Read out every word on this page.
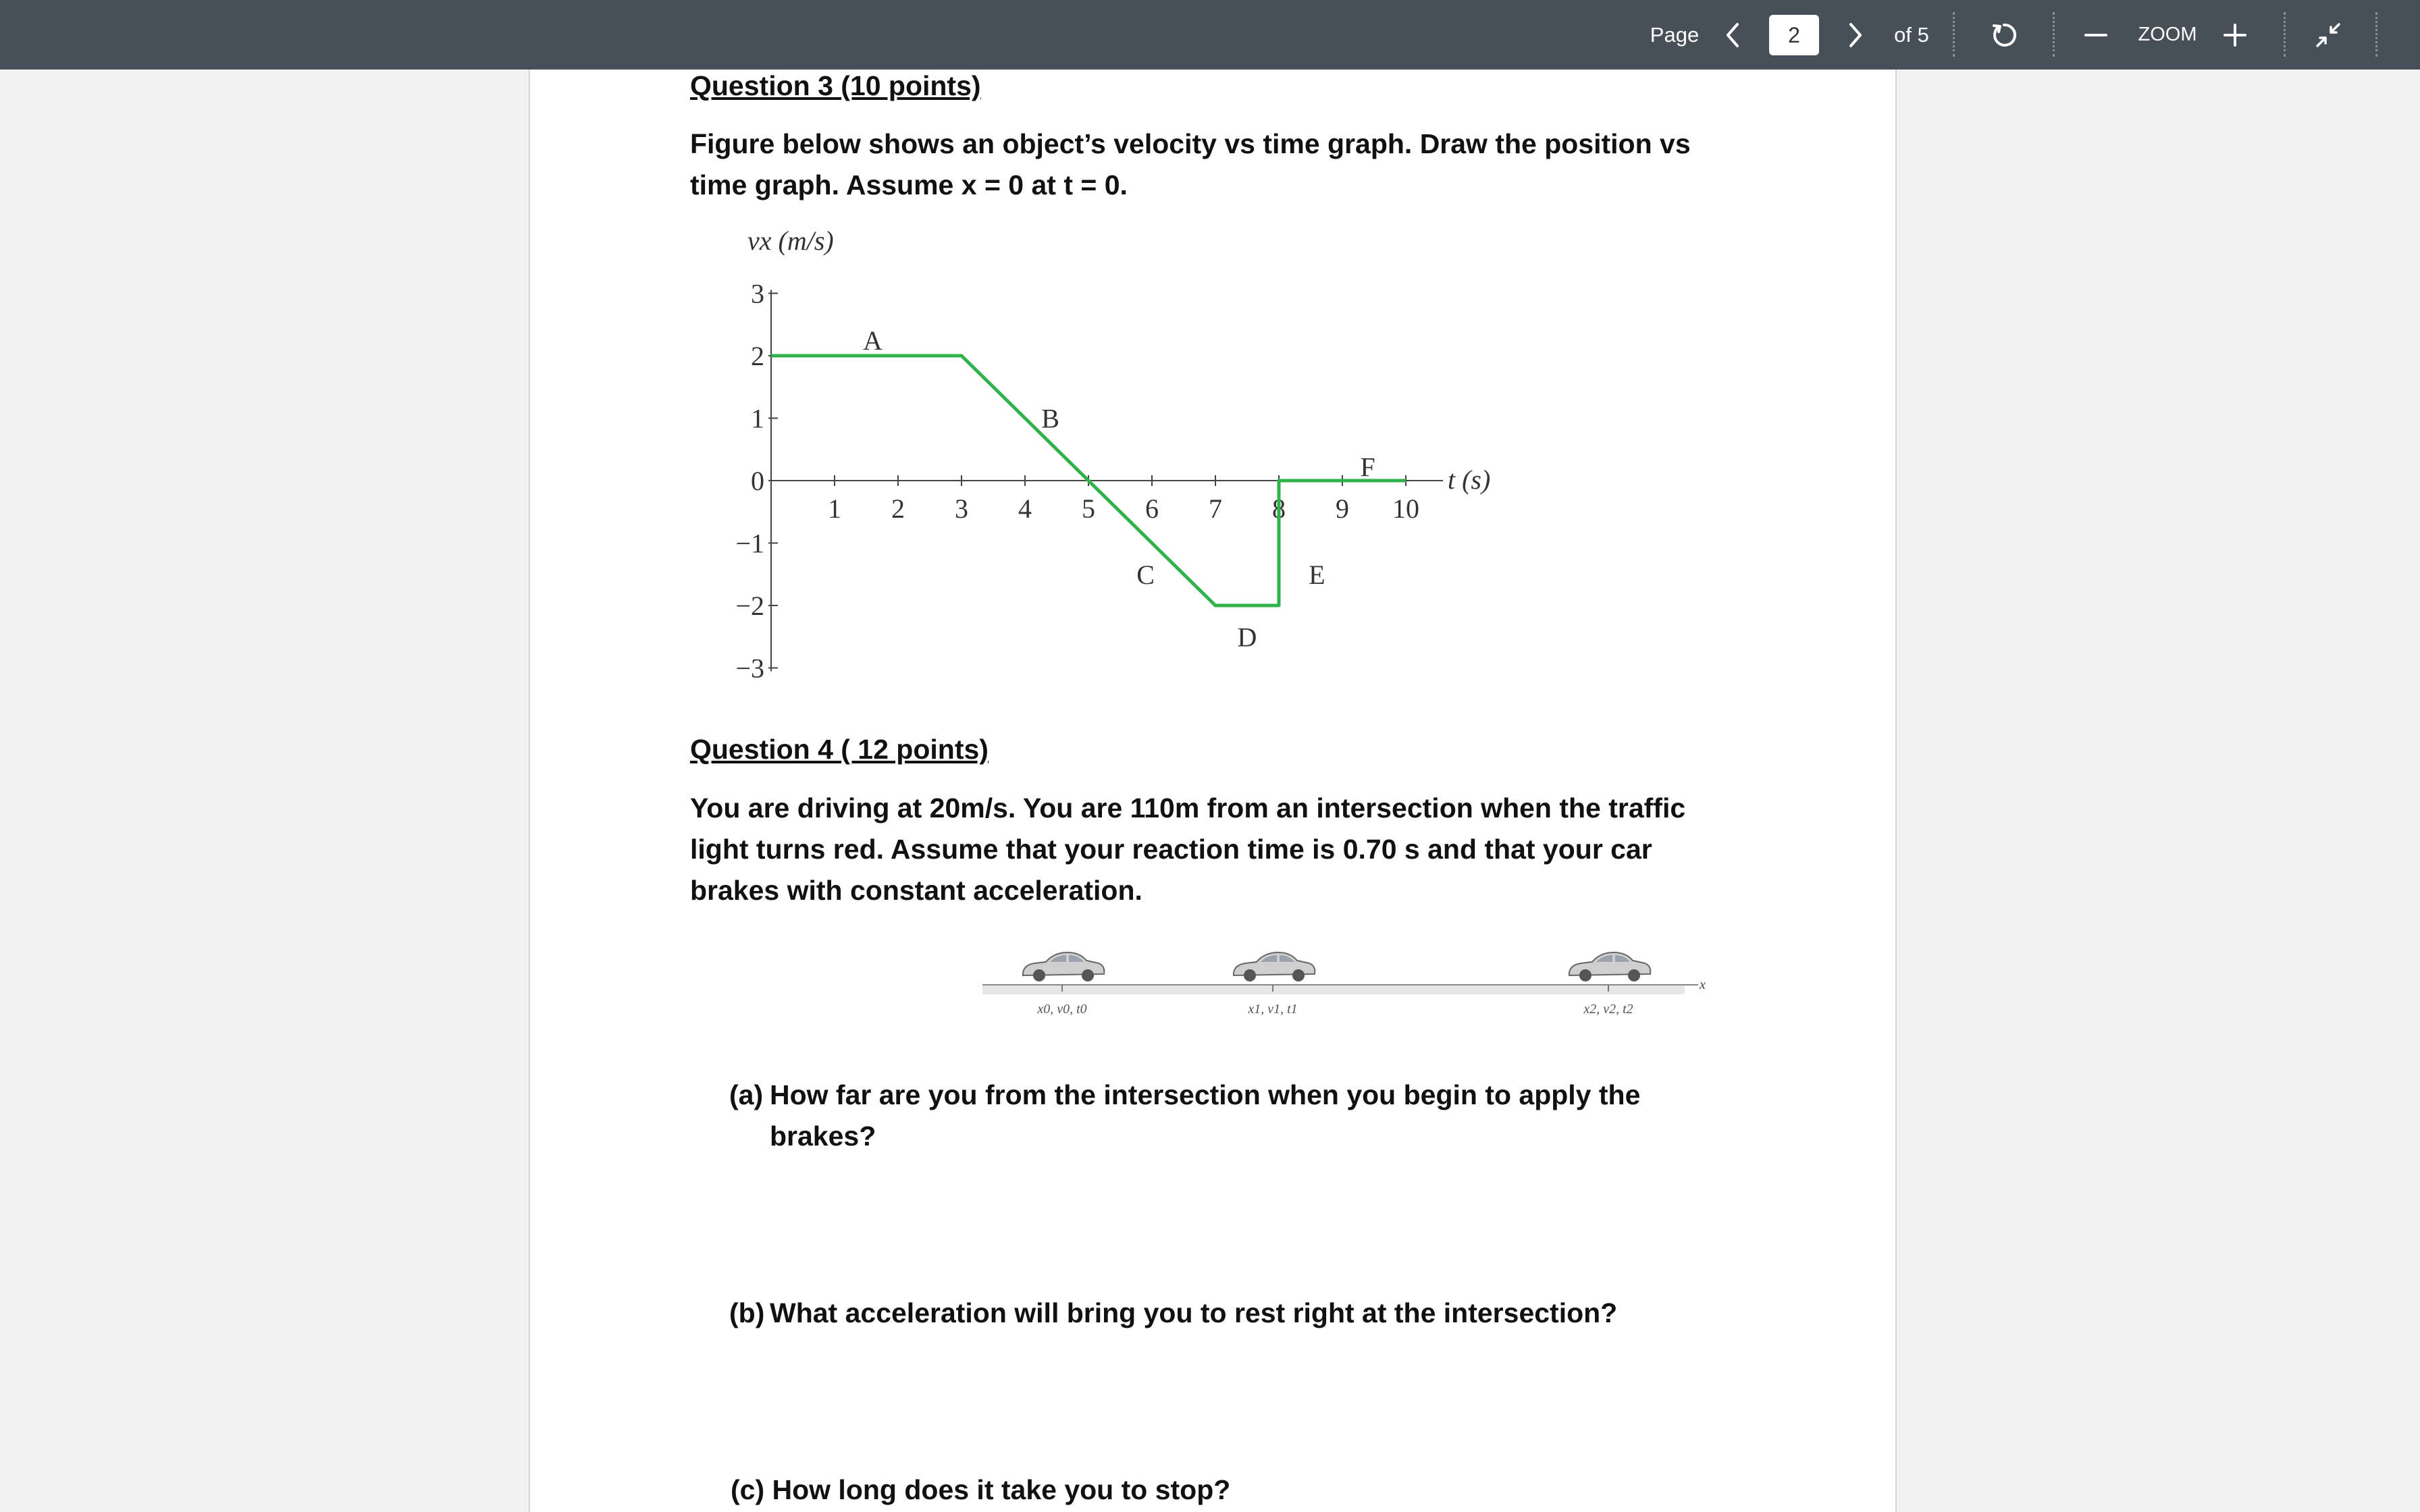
Page	2	of 5	ZOOM
Question 3 (10 points)
Figure below shows an object’s velocity vs time graph. Draw the position vs
time graph. Assume x = 0 at t = 0.
3
2
1
0
−1
−2
−3
1 2 3 4 5 6 7 8 9 10
vx (m/s)
t (s)
A
B
C
D
E
F
Question 4 ( 12 points)
You are driving at 20m/s. You are 110m from an intersection when the traffic
light turns red. Assume that your reaction time is 0.70 s and that your car
brakes with constant acceleration.
x
x0, v0, t0	x1, v1, t1	x2, v2, t2
(a) How far are you from the intersection when you begin to apply the
brakes?
(b) What acceleration will bring you to rest right at the intersection?
(c) How long does it take you to stop?
